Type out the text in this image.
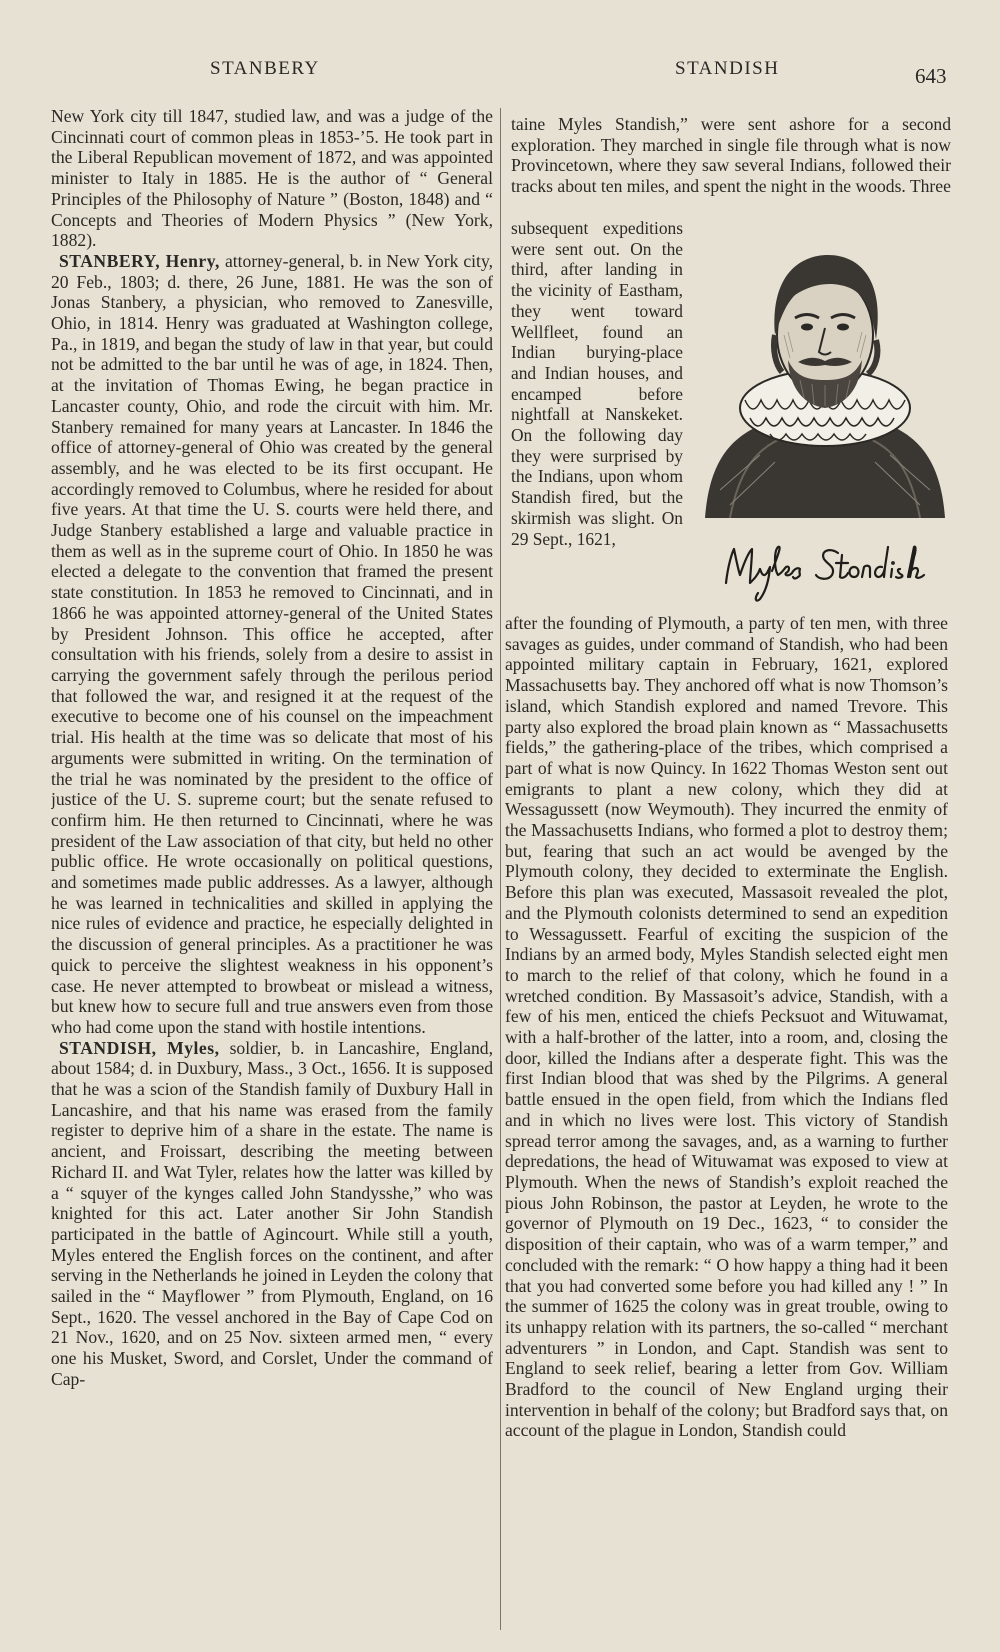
STANBERY	STANDISH	643

New York city till 1847, studied law, and was a judge of the Cincinnati court of common pleas in 1853-’5. He took part in the Liberal Republican movement of 1872, and was appointed minister to Italy in 1885. He is the author of “ General Principles of the Philosophy of Nature ” (Boston, 1848) and “ Concepts and Theories of Modern Physics ” (New York, 1882).

STANBERY, Henry, attorney-general, b. in New York city, 20 Feb., 1803; d. there, 26 June, 1881. He was the son of Jonas Stanbery, a physician, who removed to Zanesville, Ohio, in 1814. Henry was graduated at Washington college, Pa., in 1819, and began the study of law in that year, but could not be admitted to the bar until he was of age, in 1824. Then, at the invitation of Thomas Ewing, he began practice in Lancaster county, Ohio, and rode the circuit with him. Mr. Stanbery remained for many years at Lancaster. In 1846 the office of attorney-general of Ohio was created by the general assembly, and he was elected to be its first occupant. He accordingly removed to Columbus, where he resided for about five years. At that time the U. S. courts were held there, and Judge Stanbery established a large and valuable practice in them as well as in the supreme court of Ohio. In 1850 he was elected a delegate to the convention that framed the present state constitution. In 1853 he removed to Cincinnati, and in 1866 he was appointed attorney-general of the United States by President Johnson. This office he accepted, after consultation with his friends, solely from a desire to assist in carrying the government safely through the perilous period that followed the war, and resigned it at the request of the executive to become one of his counsel on the impeachment trial. His health at the time was so delicate that most of his arguments were submitted in writing. On the termination of the trial he was nominated by the president to the office of justice of the U. S. supreme court; but the senate refused to confirm him. He then returned to Cincinnati, where he was president of the Law association of that city, but held no other public office. He wrote occasionally on political questions, and sometimes made public addresses. As a lawyer, although he was learned in technicalities and skilled in applying the nice rules of evidence and practice, he especially delighted in the discussion of general principles. As a practitioner he was quick to perceive the slightest weakness in his opponent’s case. He never attempted to browbeat or mislead a witness, but knew how to secure full and true answers even from those who had come upon the stand with hostile intentions.

STANDISH, Myles, soldier, b. in Lancashire, England, about 1584; d. in Duxbury, Mass., 3 Oct., 1656. It is supposed that he was a scion of the Standish family of Duxbury Hall in Lancashire, and that his name was erased from the family register to deprive him of a share in the estate. The name is ancient, and Froissart, describing the meeting between Richard II. and Wat Tyler, relates how the latter was killed by a “ squyer of the kynges called John Standysshe,” who was knighted for this act. Later another Sir John Standish participated in the battle of Agincourt. While still a youth, Myles entered the English forces on the continent, and after serving in the Netherlands he joined in Leyden the colony that sailed in the “ Mayflower ” from Plymouth, England, on 16 Sept., 1620. The vessel anchored in the Bay of Cape Cod on 21 Nov., 1620, and on 25 Nov. sixteen armed men, “ every one his Musket, Sword, and Corslet, Under the command of Cap-

taine Myles Standish,” were sent ashore for a second exploration. They marched in single file through what is now Provincetown, where they saw several Indians, followed their tracks about ten miles, and spent the night in the woods. Three

subsequent expeditions were sent out. On the third, after landing in the vicinity of Eastham, they went toward Wellfleet, found an Indian burying-place and Indian houses, and encamped before nightfall at Nanskeket. On the following day they were surprised by the Indians, upon whom Standish fired, but the skirmish was slight. On 29 Sept., 1621,

after the founding of Plymouth, a party of ten men, with three savages as guides, under command of Standish, who had been appointed military captain in February, 1621, explored Massachusetts bay. They anchored off what is now Thomson’s island, which Standish explored and named Trevore. This party also explored the broad plain known as “ Massachusetts fields,” the gathering-place of the tribes, which comprised a part of what is now Quincy. In 1622 Thomas Weston sent out emigrants to plant a new colony, which they did at Wessagussett (now Weymouth). They incurred the enmity of the Massachusetts Indians, who formed a plot to destroy them; but, fearing that such an act would be avenged by the Plymouth colony, they decided to exterminate the English. Before this plan was executed, Massasoit revealed the plot, and the Plymouth colonists determined to send an expedition to Wessagussett. Fearful of exciting the suspicion of the Indians by an armed body, Myles Standish selected eight men to march to the relief of that colony, which he found in a wretched condition. By Massasoit’s advice, Standish, with a few of his men, enticed the chiefs Pecksuot and Wituwamat, with a half-brother of the latter, into a room, and, closing the door, killed the Indians after a desperate fight. This was the first Indian blood that was shed by the Pilgrims. A general battle ensued in the open field, from which the Indians fled and in which no lives were lost. This victory of Standish spread terror among the savages, and, as a warning to further depredations, the head of Wituwamat was exposed to view at Plymouth. When the news of Standish’s exploit reached the pious John Robinson, the pastor at Leyden, he wrote to the governor of Plymouth on 19 Dec., 1623, “ to consider the disposition of their captain, who was of a warm temper,” and concluded with the remark: “ O how happy a thing had it been that you had converted some before you had killed any ! ” In the summer of 1625 the colony was in great trouble, owing to its unhappy relation with its partners, the so-called “ merchant adventurers ” in London, and Capt. Standish was sent to England to seek relief, bearing a letter from Gov. William Bradford to the council of New England urging their intervention in behalf of the colony; but Bradford says that, on account of the plague in London, Standish could
